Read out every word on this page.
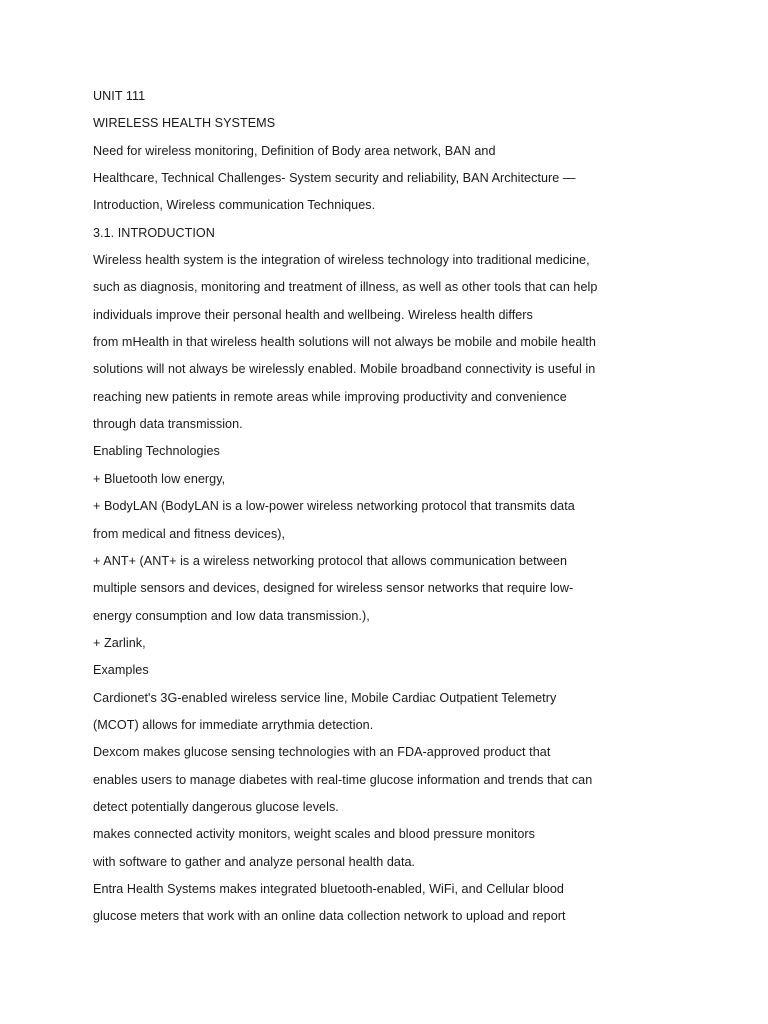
UNIT 111
WIRELESS HEALTH SYSTEMS
Need for wireless monitoring, Definition of Body area network, BAN and
Healthcare, Technical Challenges- System security and reliability, BAN Architecture —
Introduction, Wireless communication Techniques.
3.1. INTRODUCTION
Wireless health system is the integration of wireless technology into traditional medicine,
such as diagnosis, monitoring and treatment of illness, as well as other tools that can help
individuals improve their personal health and wellbeing. Wireless health differs
from mHealth in that wireless health solutions will not always be mobile and mobile health
solutions will not always be wirelessly enabled. Mobile broadband connectivity is useful in
reaching new patients in remote areas while improving productivity and convenience
through data transmission.
Enabling Technologies
+ Bluetooth low energy,
+ BodyLAN (BodyLAN is a low-power wireless networking protocol that transmits data
from medical and fitness devices),
+ ANT+ (ANT+ is a wireless networking protocol that allows communication between
multiple sensors and devices, designed for wireless sensor networks that require low-
energy consumption and Iow data transmission.),
+ Zarlink,
Examples
Cardionet's 3G-enabIed wireless service line, Mobile Cardiac Outpatient Telemetry
(MCOT) allows for immediate arrythmia detection.
Dexcom makes glucose sensing technologies with an FDA-approved product that
enables users to manage diabetes with real-time glucose information and trends that can
detect potentially dangerous glucose levels.
makes connected activity monitors, weight scales and blood pressure monitors
with software to gather and analyze personal health data.
Entra Health Systems makes integrated bluetooth-enabled, WiFi, and Cellular blood
glucose meters that work with an online data collection network to upload and report
